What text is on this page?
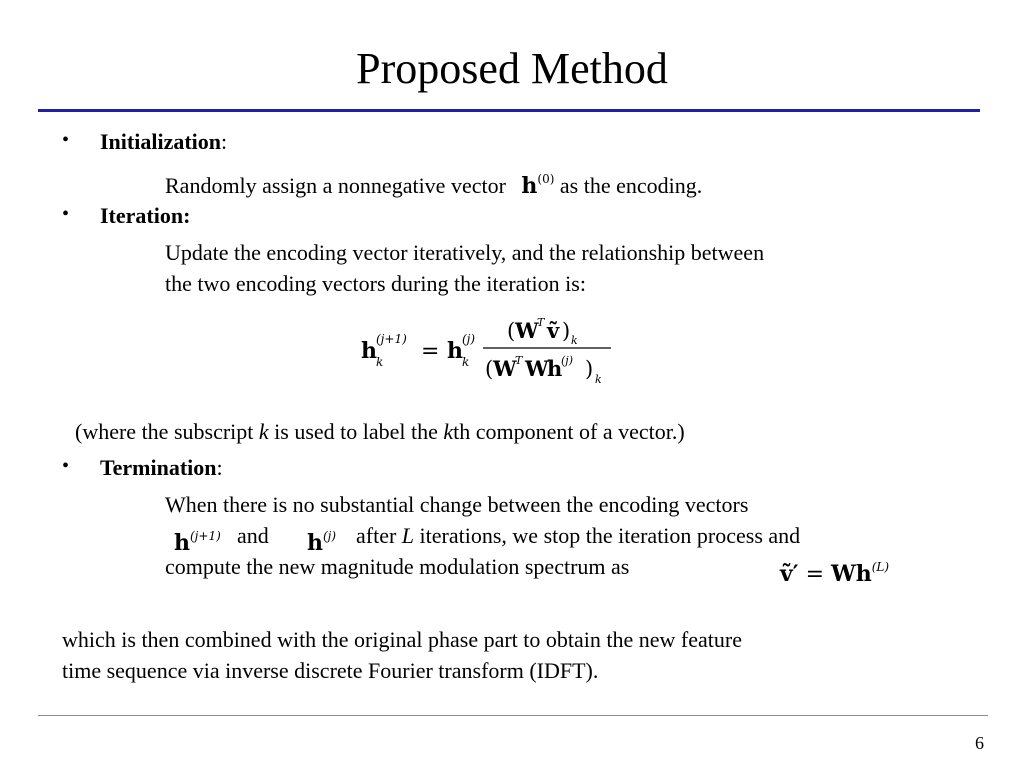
Proposed Method
• Initialization:
Randomly assign a nonnegative vector $h^{(0)}$ as the encoding.
• Iteration:
Update the encoding vector iteratively, and the relationship between
the two encoding vectors during the iteration is:
h (j+1)
k = h (j)
k
( W
T ṽ ) k
( W
T W
h
(j) ) k
(where the subscript k is used to label the kth component of a vector.)
• Termination:
When there is no substantial change between the encoding vectors
$h^{(j+1)}$ and $h^{(j)}$ after L iterations, we stop the iteration process and
compute the new magnitude modulation spectrum as	ṽ′ = $Wh^{(L)}$
which is then combined with the original phase part to obtain the new feature
time sequence via inverse discrete Fourier transform (IDFT).
6
